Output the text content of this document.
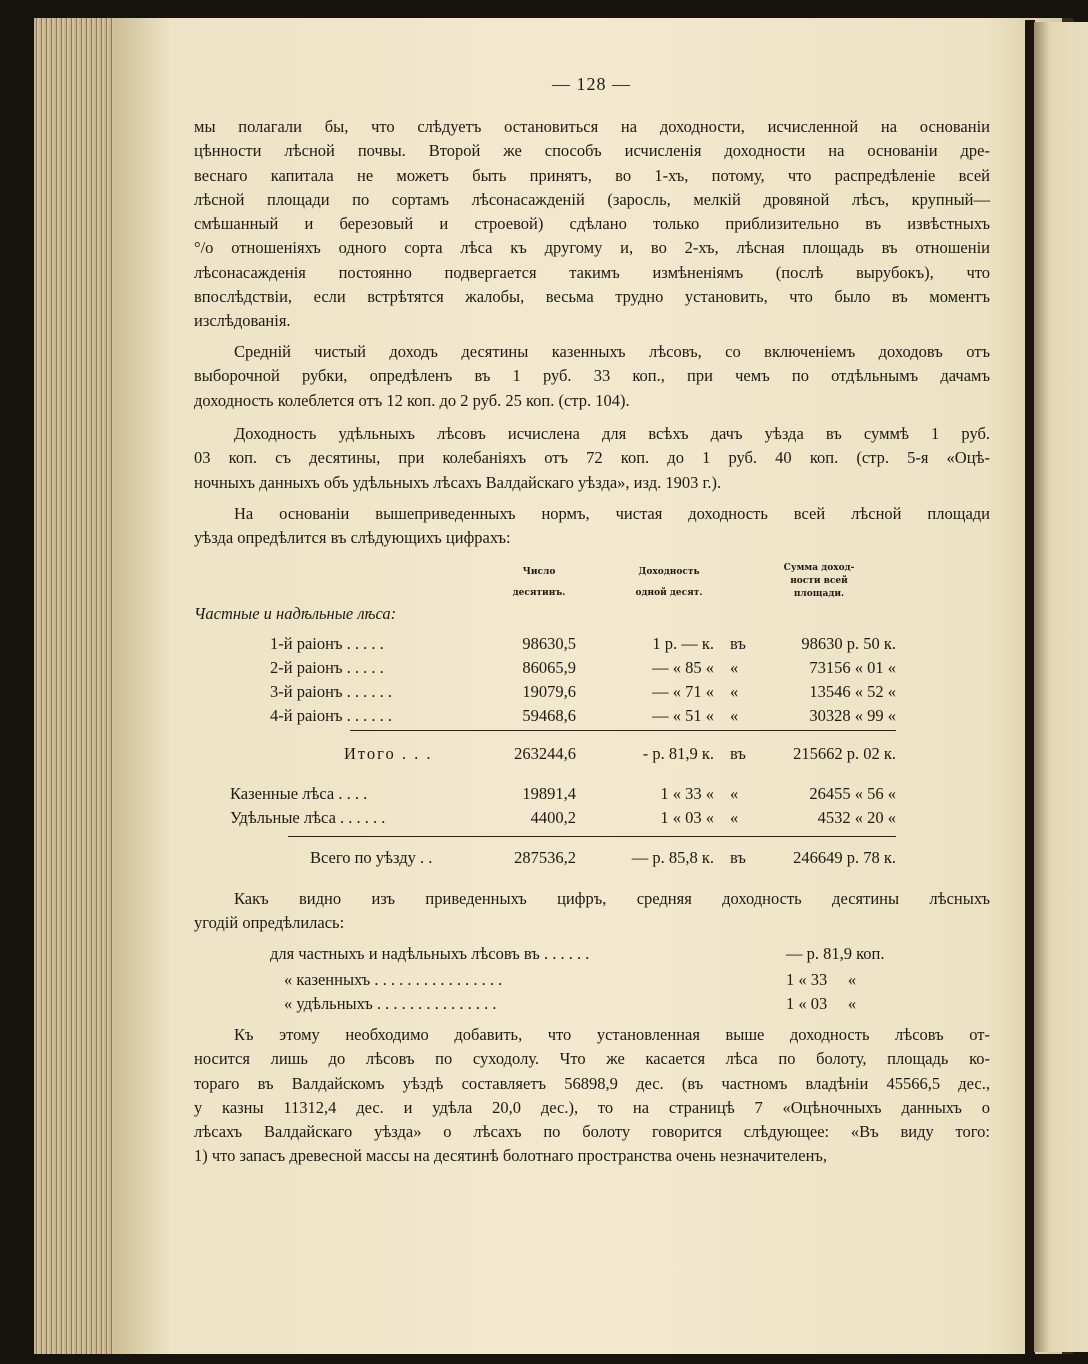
— 128 —
мы полагали бы, что слѣдуетъ остановиться на доходности, исчисленной на основаніи
цѣнности лѣсной почвы. Второй же способъ исчисленія доходности на основаніи дре-
веснаго капитала не можетъ быть принятъ, во 1-хъ, потому, что распредѣленіе всей
лѣсной площади по сортамъ лѣсонасажденій (заросль, мелкій дровяной лѣсъ, крупный—
смѣшанный и березовый и строевой) сдѣлано только приблизительно въ извѣстныхъ
°/o отношеніяхъ одного сорта лѣса къ другому и, во 2-хъ, лѣсная площадь въ отношеніи
лѣсонасажденія постоянно подвергается такимъ измѣненіямъ (послѣ вырубокъ), что
впослѣдствіи, если встрѣтятся жалобы, весьма трудно установить, что было въ моментъ
изслѣдованія.
Средній чистый доходъ десятины казенныхъ лѣсовъ, со включеніемъ доходовъ отъ
выборочной рубки, опредѣленъ въ 1 руб. 33 коп., при чемъ по отдѣльнымъ дачамъ
доходность колеблется отъ 12 коп. до 2 руб. 25 коп. (стр. 104).
Доходность удѣльныхъ лѣсовъ исчислена для всѣхъ дачъ уѣзда въ суммѣ 1 руб.
03 коп. съ десятины, при колебаніяхъ отъ 72 коп. до 1 руб. 40 коп. (стр. 5-я «Оцѣ-
ночныхъ данныхъ объ удѣльныхъ лѣсахъ Валдайскаго уѣзда», изд. 1903 г.).
На основаніи вышеприведенныхъ нормъ, чистая доходность всей лѣсной площади
уѣзда опредѣлится въ слѣдующихъ цифрахъ:
Число
десятинъ.
Доходность
одной десят.
Сумма доход-
ности всей
площади.
Частные и надѣльные лѣса:
1-й раіонъ . . . . .	98630,5	1 р. — к. въ	98630 р. 50 к.
2-й раіонъ . . . . .	86065,9	— « 85 « «	73156 « 01 «
3-й раіонъ . . . . . .	19079,6	— « 71 « «	13546 « 52 «
4-й раіонъ . . . . . .	59468,6	— « 51 « «	30328 « 99 «
Итого . . .	263244,6	- р. 81,9 к. въ	215662 р. 02 к.
Казенные лѣса . . . .	19891,4	1 « 33 « «	26455 « 56 «
Удѣльные лѣса . . . . . .	4400,2	1 « 03 « «	4532 « 20 «
Всего по уѣзду . .	287536,2	— р. 85,8 к. въ	246649 р. 78 к.
Какъ видно изъ приведенныхъ цифръ, средняя доходность десятины лѣсныхъ
угодій опредѣлилась:
для частныхъ и надѣльныхъ лѣсовъ въ . . . . . .	— р. 81,9 коп.
« казенныхъ . . . . . . . . . . . . . . . .	1 « 33     «
« удѣльныхъ . . . . . . . . . . . . . . .	1 « 03     «
Къ этому необходимо добавить, что установленная выше доходность лѣсовъ от-
носится лишь до лѣсовъ по суходолу. Что же касается лѣса по болоту, площадь ко-
тораго въ Валдайскомъ уѣздѣ составляетъ 56898,9 дес. (въ частномъ владѣніи 45566,5 дес.,
у казны 11312,4 дес. и удѣла 20,0 дес.), то на страницѣ 7 «Оцѣночныхъ данныхъ о
лѣсахъ Валдайскаго уѣзда» о лѣсахъ по болоту говорится слѣдующее: «Въ виду того:
1) что запасъ древесной массы на десятинѣ болотнаго пространства очень незначителенъ,
